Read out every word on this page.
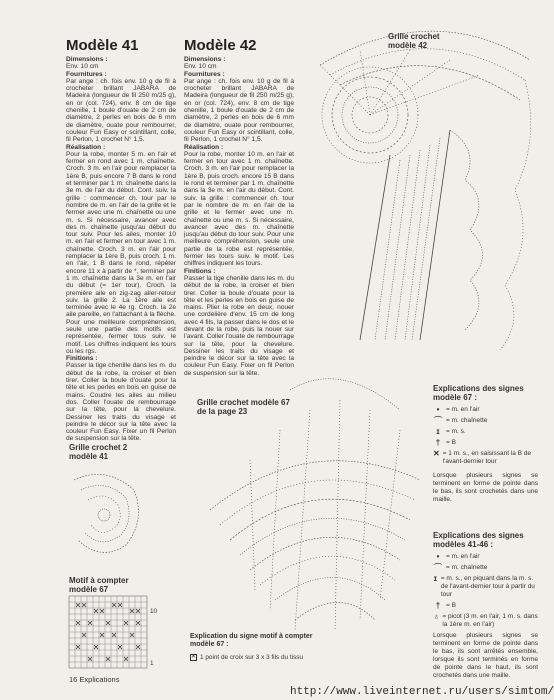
Modèle 41	Modèle 42

Dimensions :

Env. 10 cm

Fournitures :

Par ange : ch. fois env. 10 g de fil à crocheter brillant JABARA de Madeira (longueur de fil 250 m/25 g), en or (col. 724), env. 8 cm de tige chenille, 1 boule d'ouate de 2 cm de diamètre, 2 perles en bois de 6 mm de diamètre, ouate pour rembourrer, couleur Fun Easy or scintillant, colle, fil Perlon, 1 crochet N° 1,5.

Réalisation :

Pour la robe, monter 5 m. en l'air et fermer en rond avec 1 m. chaînette. Croch. 3 m. en l'air pour remplacer la 1ère B, puis encore 7 B dans le rond et terminer par 1 m. chaînette dans la 3e m. de l'air du début. Cont. suiv. la grille : commencer ch. tour par le nombre de m. en l'air de la grille et le fermer avec une m. chaînette ou une m. s. Si nécessaire, avancer avec des m. chaînette jusqu'au début du tour suiv. Pour les ailes, monter 10 m. en l'air et fermer en tour avec 1 m. chaînette. Croch. 3 m. en l'air pour remplacer la 1ère B, puis croch. 1 m. en l'air, 1 B dans le rond, répéter encore 11 x à partir de *, terminer par 1 m. chaînette dans la 3e m. en l'air du début (= 1er tour). Croch. la première aile en zig-zag aller-retour suiv. la grille 2. La 1ère aile est terminée avec le 4e rg. Croch. la 2e aile pareille, en l'attachant à la flèche. Pour une meilleure compréhension, seule une partie des motifs est représentée, fermer tous suiv. le motif. Les chiffres indiquent les tours ou les rgs.

Finitions :

Passer la tige chenille dans les m. du début de la robe, la croiser et bien tirer. Coller la boule d'ouate pour la tête et les perles en bois en guise de mains. Coudre les ailes au milieu dos. Coller l'ouate de rembourrage sur la tête, pour la chevelure. Dessiner les traits du visage et peindre le décor sur la tête avec la couleur Fun Easy. Fixer un fil Perlon de suspension sur la tête.

Dimensions :

Env. 10 cm

Fournitures :

Par ange : ch. fois env. 10 g de fil à crocheter brillant JABARA de Madeira (longueur de fil 250 m/25 g), en or (col. 724), env. 8 cm de tige chenille, 1 boule d'ouate de 2 cm de diamètre, 2 perles en bois de 6 mm de diamètre, ouate pour rembourrer, couleur Fun Easy or scintillant, colle, fil Perlon, 1 crochet N° 1,5.

Réalisation :

Pour la robe, monter 10 m. en l'air et fermer en tour avec 1 m. chaînette. Croch. 3 m. en l'air pour remplacer la 1ère B, puis croch. encore 15 B dans le rond et terminer par 1 m. chaînette dans la 3e m. en l'air du début. Cont. suiv. la grille : commencer ch. tour par le nombre de m. en l'air de la grille et le fermer avec une m. chaînette ou une m. s. Si nécessaire, avancer avec des m. chaînette jusqu'au début du tour suiv. Pour une meilleure compréhension, seule une partie de la robe est représentée, fermer les tours suiv. le motif. Les chiffres indiquent les tours.

Finitions :

Passer la tige chenille dans les m. du début de la robe, la croiser et bien tirer. Coller la boule d'ouate pour la tête et les perles en bois en guise de mains. Plier la robe en deux, nouer une cordelière d'env. 15 cm de long avec 4 fils, la passer dans le dos et le devant de la robe, puis la nouer sur l'avant. Coller l'ouate de rembourrage sur la tête, pour la chevelure. Dessiner les traits du visage et peindre le décor sur la tête avec la couleur Fun Easy. Fixer un fil Perlon de suspension sur la tête.

Grille crochet modèle 42
Grille crochet modèle 67 de la page 23
Grille crochet 2 modèle 41
Motif à compter modèle 67
10
1
Explication du signe motif à compter modèle 67 :
✕ 1 point de croix sur 3 x 3 fils du tissu
Explications des signes modèle 67 :
•	= m. en l'air
⌒ = m. chaînette
ɪ = m. s.
† = B
✕ = 1 m. s., en saisissant la B de l'avant-dernier tour
Lorsque plusieurs signes se terminent en forme de pointe dans le bas, ils sont crochetés dans une maille.
Explications des signes modèles 41-46 :
•	= m. en l'air
⌒ = m. chaînette
ɪ = m. s., en piquant dans la m. s. de l'avant-dernier tour à partir du tour
† = B
♁ = picot (3 m. en l'air, 1 m. s. dans la 1ère m. en l'air)
Lorsque plusieurs signes se terminent en forme de pointe dans le bas, ils sont arrêtés ensemble, lorsque ils sont terminés en forme de pointe dans le haut, ils sont crochetés dans une maille.
16 Explications
http://www.liveinternet.ru/users/simtom/
